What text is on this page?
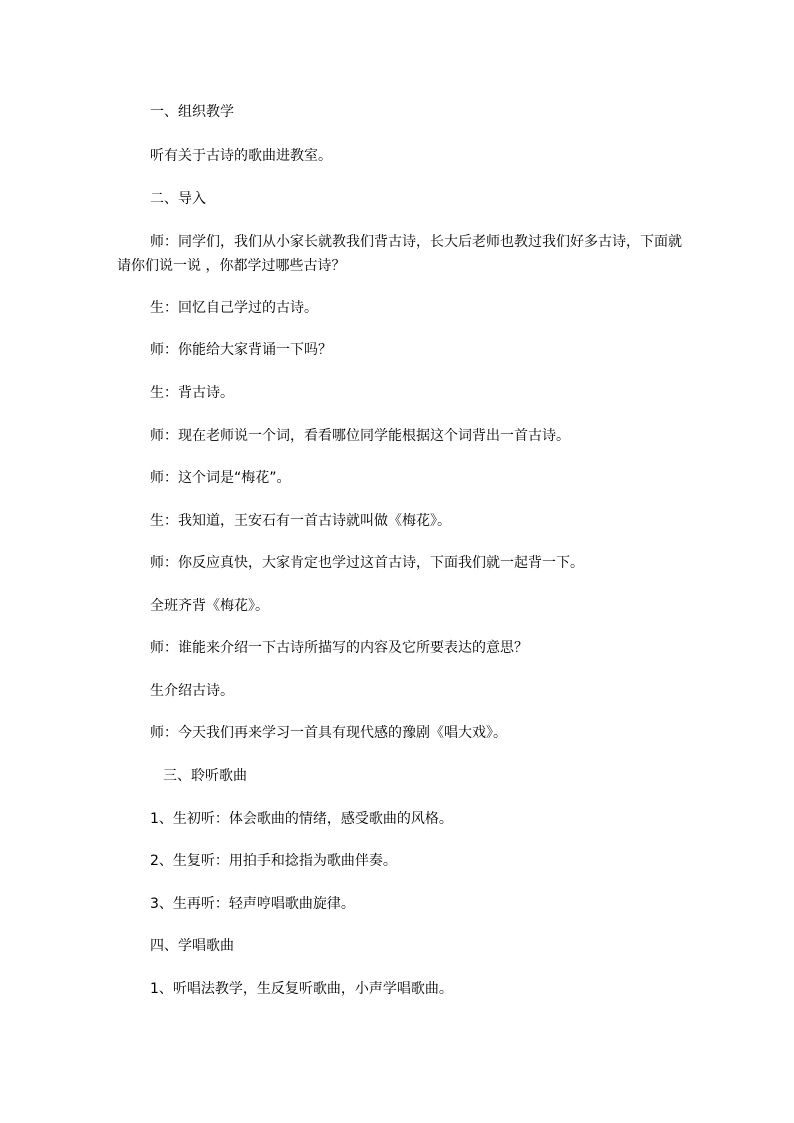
一、组织教学
听有关于古诗的歌曲进教室。
二、导入
师：同学们，我们从小家长就教我们背古诗，长大后老师也教过我们好多古诗，下面就请你们说一说 ，你都学过哪些古诗？
生：回忆自己学过的古诗。
师：你能给大家背诵一下吗？
生：背古诗。
师：现在老师说一个词，看看哪位同学能根据这个词背出一首古诗。
师：这个词是“梅花”。
生：我知道，王安石有一首古诗就叫做《梅花》。
师：你反应真快，大家肯定也学过这首古诗，下面我们就一起背一下。
全班齐背《梅花》。
师：谁能来介绍一下古诗所描写的内容及它所要表达的意思？
生介绍古诗。
师：今天我们再来学习一首具有现代感的豫剧《唱大戏》。
三、聆听歌曲
1、生初听：体会歌曲的情绪，感受歌曲的风格。
2、生复听：用拍手和捻指为歌曲伴奏。
3、生再听：轻声哼唱歌曲旋律。
四、学唱歌曲
1、听唱法教学，生反复听歌曲，小声学唱歌曲。
